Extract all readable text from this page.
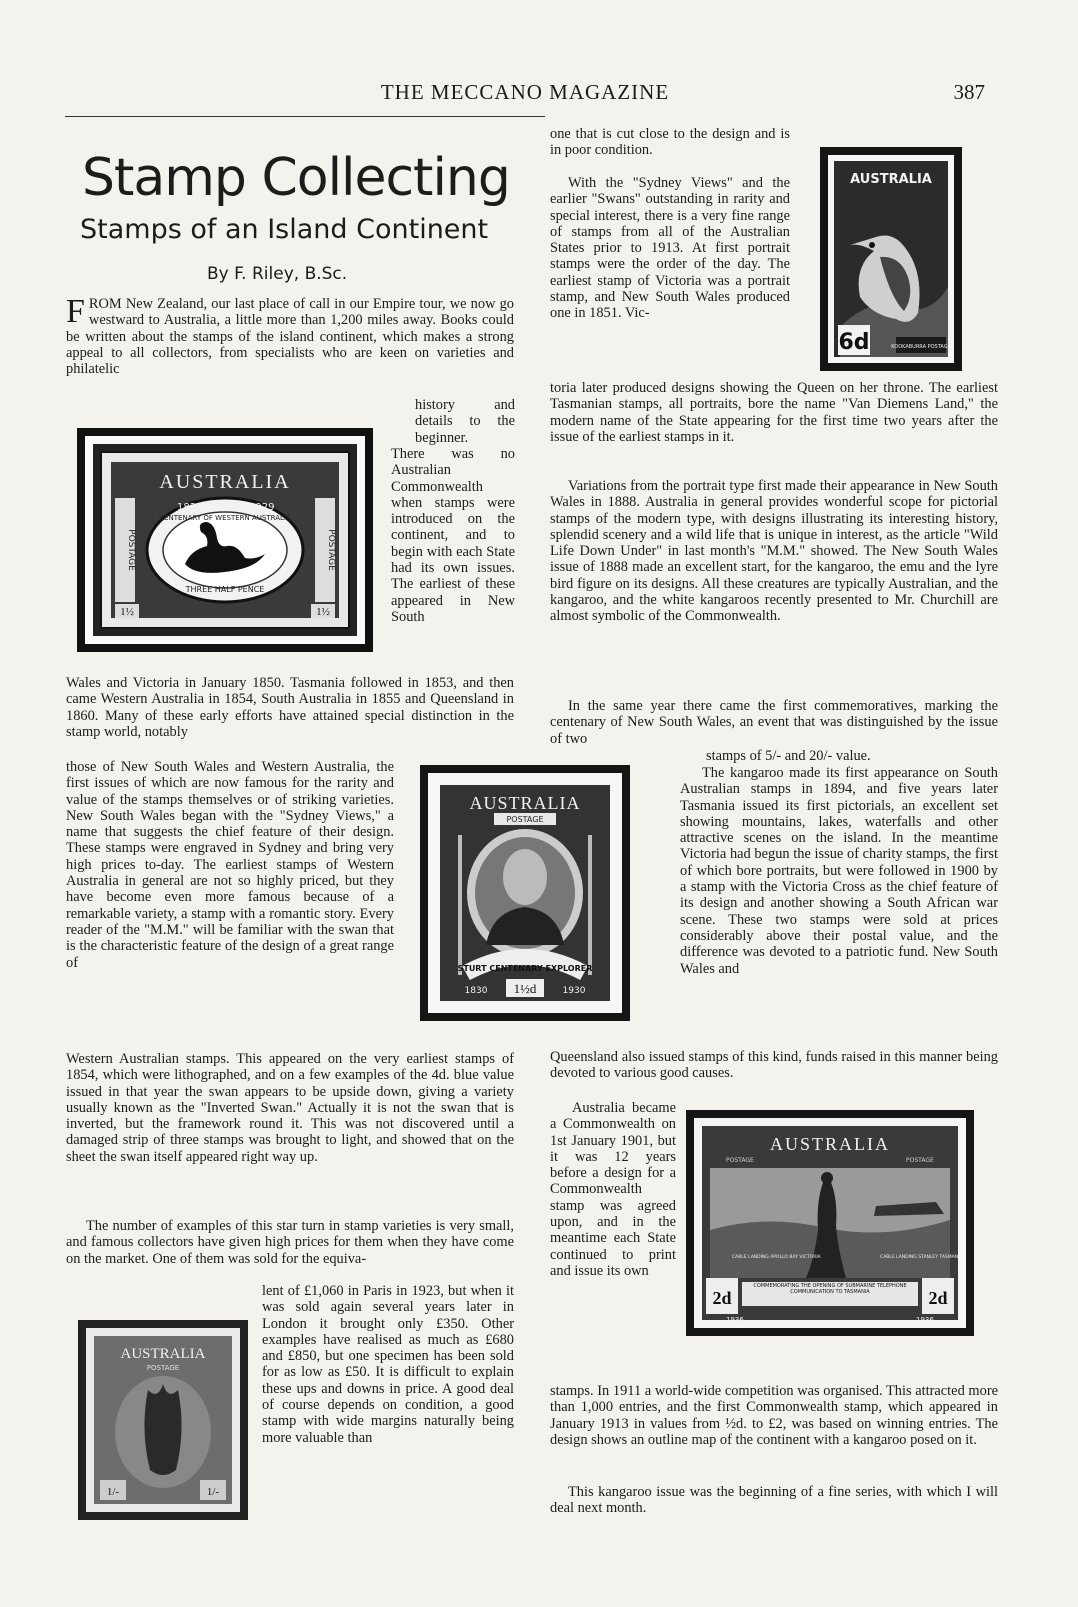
THE MECCANO MAGAZINE	387
Stamp Collecting
Stamps of an Island Continent
By F. Riley, B.Sc.

FROM New Zealand, our last place of call in our Empire tour, we now go westward to Australia, a little more than 1,200 miles away. Books could be written about the stamps of the island continent, which makes a strong appeal to all collectors, from specialists who are keen on varieties and philatelic

history and details to the beginner.

There was no Australian Commonwealth when stamps were introduced on the continent, and to begin with each State had its own issues. The earliest of these appeared in New South

Wales and Victoria in January 1850. Tasmania followed in 1853, and then came Western Australia in 1854, South Australia in 1855 and Queensland in 1860. Many of these early efforts have attained special distinction in the stamp world, notably

those of New South Wales and Western Australia, the first issues of which are now famous for the rarity and value of the stamps themselves or of striking varieties. New South Wales began with the "Sydney Views," a name that suggests the chief feature of their design. These stamps were engraved in Sydney and bring very high prices to-day. The earliest stamps of Western Australia in general are not so highly priced, but they have become even more famous because of a remarkable variety, a stamp with a romantic story. Every reader of the "M.M." will be familiar with the swan that is the characteristic feature of the design of a great range of

Western Australian stamps. This appeared on the very earliest stamps of 1854, which were lithographed, and on a few examples of the 4d. blue value issued in that year the swan appears to be upside down, giving a variety usually known as the "Inverted Swan." Actually it is not the swan that is inverted, but the framework round it. This was not discovered until a damaged strip of three stamps was brought to light, and showed that on the sheet the swan itself appeared right way up.

The number of examples of this star turn in stamp varieties is very small, and famous collectors have given high prices for them when they have come on the market. One of them was sold for the equiva-

lent of £1,060 in Paris in 1923, but when it was sold again several years later in London it brought only £350. Other examples have realised as much as £680 and £850, but one specimen has been sold for as low as £50. It is difficult to explain these ups and downs in price. A good deal of course depends on condition, a good stamp with wide margins naturally being more valuable than

one that is cut close to the design and is in poor condition.

With the "Sydney Views" and the earlier "Swans" outstanding in rarity and special interest, there is a very fine range of stamps from all of the Australian States prior to 1913. At first portrait stamps were the order of the day. The earliest stamp of Victoria was a portrait stamp, and New South Wales produced one in 1851. Vic-

toria later produced designs showing the Queen on her throne. The earliest Tasmanian stamps, all portraits, bore the name "Van Diemens Land," the modern name of the State appearing for the first time two years after the issue of the earliest stamps in it.

Variations from the portrait type first made their appearance in New South Wales in 1888. Australia in general provides wonderful scope for pictorial stamps of the modern type, with designs illustrating its interesting history, splendid scenery and a wild life that is unique in interest, as the article "Wild Life Down Under" in last month's "M.M." showed. The New South Wales issue of 1888 made an excellent start, for the kangaroo, the emu and the lyre bird figure on its designs. All these creatures are typically Australian, and the kangaroo, and the white kangaroos recently presented to Mr. Churchill are almost symbolic of the Commonwealth.

In the same year there came the first commemoratives, marking the centenary of New South Wales, an event that was distinguished by the issue of two

stamps of 5/- and 20/- value.

The kangaroo made its first appearance on South Australian stamps in 1894, and five years later Tasmania issued its first pictorials, an excellent set showing mountains, lakes, waterfalls and other attractive scenes on the island. In the meantime Victoria had begun the issue of charity stamps, the first of which bore portraits, but were followed in 1900 by a stamp with the Victoria Cross as the chief feature of its design and another showing a South African war scene. These two stamps were sold at prices considerably above their postal value, and the difference was devoted to a patriotic fund. New South Wales and

Queensland also issued stamps of this kind, funds raised in this manner being devoted to various good causes.

Australia became a Commonwealth on 1st January 1901, but it was 12 years before a design for a Commonwealth stamp was agreed upon, and in the meantime each State continued to print and issue its own

stamps. In 1911 a world-wide competition was organised. This attracted more than 1,000 entries, and the first Commonwealth stamp, which appeared in January 1913 in values from ½d. to £2, was based on winning entries. The design shows an outline map of the continent with a kangaroo posed on it.

This kangaroo issue was the beginning of a fine series, with which I will deal next month.

AUSTRALIA
POSTAGE	POSTAGE
1829	1929
CENTENARY OF WESTERN AUSTRALIA
THREE HALF PENCE
1½	1½
AUSTRALIA
6d	KOOKABURRA POSTAGE
AUSTRALIA
POSTAGE
STURT CENTENARY EXPLORER
1830 1½d	1930
AUSTRALIA
POSTAGE
1/-	1/-
AUSTRALIA
POSTAGE	POSTAGE
CABLE LANDING APOLLO BAY VICTORIA	CABLE LANDING STANLEY TASMANIA
2d	2d
COMMEMORATING THE OPENING OF SUBMARINE TELEPHONE COMMUNICATION TO TASMANIA
1936	1936
